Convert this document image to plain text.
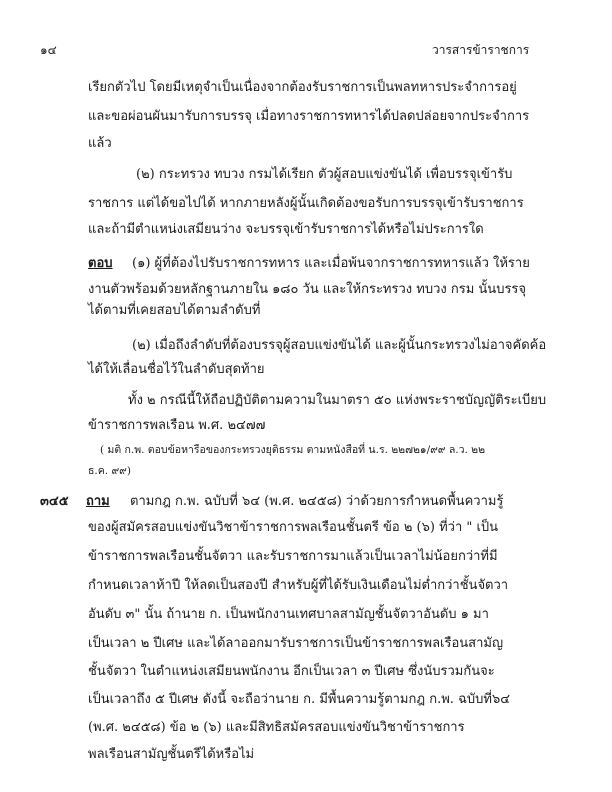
๑๔	วารสารข้าราชการ
เรียกตัวไป โดยมีเหตุจำเป็นเนื่องจากต้องรับราชการเป็นพลทหารประจำการอยู่
และขอผ่อนผันมารับการบรรจุ เมื่อทางราชการทหารได้ปลดปล่อยจากประจำการ
แล้ว
(๒) กระทรวง ทบวง กรมได้เรียก ตัวผู้สอบแข่งขันได้ เพื่อบรรจุเข้ารับ
ราชการ แต่ได้ขอไปได้ หากภายหลังผู้นั้นเกิดต้องขอรับการบรรจุเข้ารับราชการ
และถ้ามีตำแหน่งเสมียนว่าง จะบรรจุเข้ารับราชการได้หรือไม่ประการใด
ตอบ (๑) ผู้ที่ต้องไปรับราชการทหาร และเมื่อพ้นจากราชการทหารแล้ว ให้ราย
งานตัวพร้อมด้วยหลักฐานภายใน ๑๘๐ วัน และให้กระทรวง ทบวง กรม นั้นบรรจุ
ได้ตามที่เคยสอบได้ตามลำดับที่
(๒) เมื่อถึงลำดับที่ต้องบรรจุผู้สอบแข่งขันได้ และผู้นั้นกระทรวงไม่อาจคัดค้อ
ได้ให้เลื่อนชื่อไว้ในลำดับสุดท้าย
ทั้ง ๒ กรณีนี้ให้ถือปฏิบัติตามความในมาตรา ๕๐ แห่งพระราชบัญญัติระเบียบ
ข้าราชการพลเรือน พ.ศ. ๒๔๗๗
( มติ ก.พ. ตอบข้อหารือของกระทรวงยุติธรรม ตามหนังสือที่ น.ร. ๒๒๗๒๑/๙๙ ล.ว. ๒๒
ธ.ค. ๙๙)
๓๔๕ ถาม ตามกฎ ก.พ. ฉบับที่ ๖๔ (พ.ศ. ๒๔๕๘) ว่าด้วยการกำหนดพื้นความรู้
ของผู้สมัครสอบแข่งขันวิชาข้าราชการพลเรือนชั้นตรี ข้อ ๒ (๖) ที่ว่า " เป็น
ข้าราชการพลเรือนชั้นจัตวา และรับราชการมาแล้วเป็นเวลาไม่น้อยกว่าที่มี
กำหนดเวลาห้าปี ให้ลดเป็นสองปี สำหรับผู้ที่ได้รับเงินเดือนไม่ต่ำกว่าชั้นจัตวา
อันดับ ๓" นั้น ถ้านาย ก. เป็นพนักงานเทศบาลสามัญชั้นจัตวาอันดับ ๑ มา
เป็นเวลา ๒ ปีเศษ และได้ลาออกมารับราชการเป็นข้าราชการพลเรือนสามัญ
ชั้นจัตวา ในตำแหน่งเสมียนพนักงาน อีกเป็นเวลา ๓ ปีเศษ ซึ่งนับรวมกันจะ
เป็นเวลาถึง ๕ ปีเศษ ดังนี้ จะถือว่านาย ก. มีพื้นความรู้ตามกฎ ก.พ. ฉบับที่๖๔
(พ.ศ. ๒๔๕๘) ข้อ ๒ (๖) และมีสิทธิสมัครสอบแข่งขันวิชาข้าราชการ
พลเรือนสามัญชั้นตรีได้หรือไม่
